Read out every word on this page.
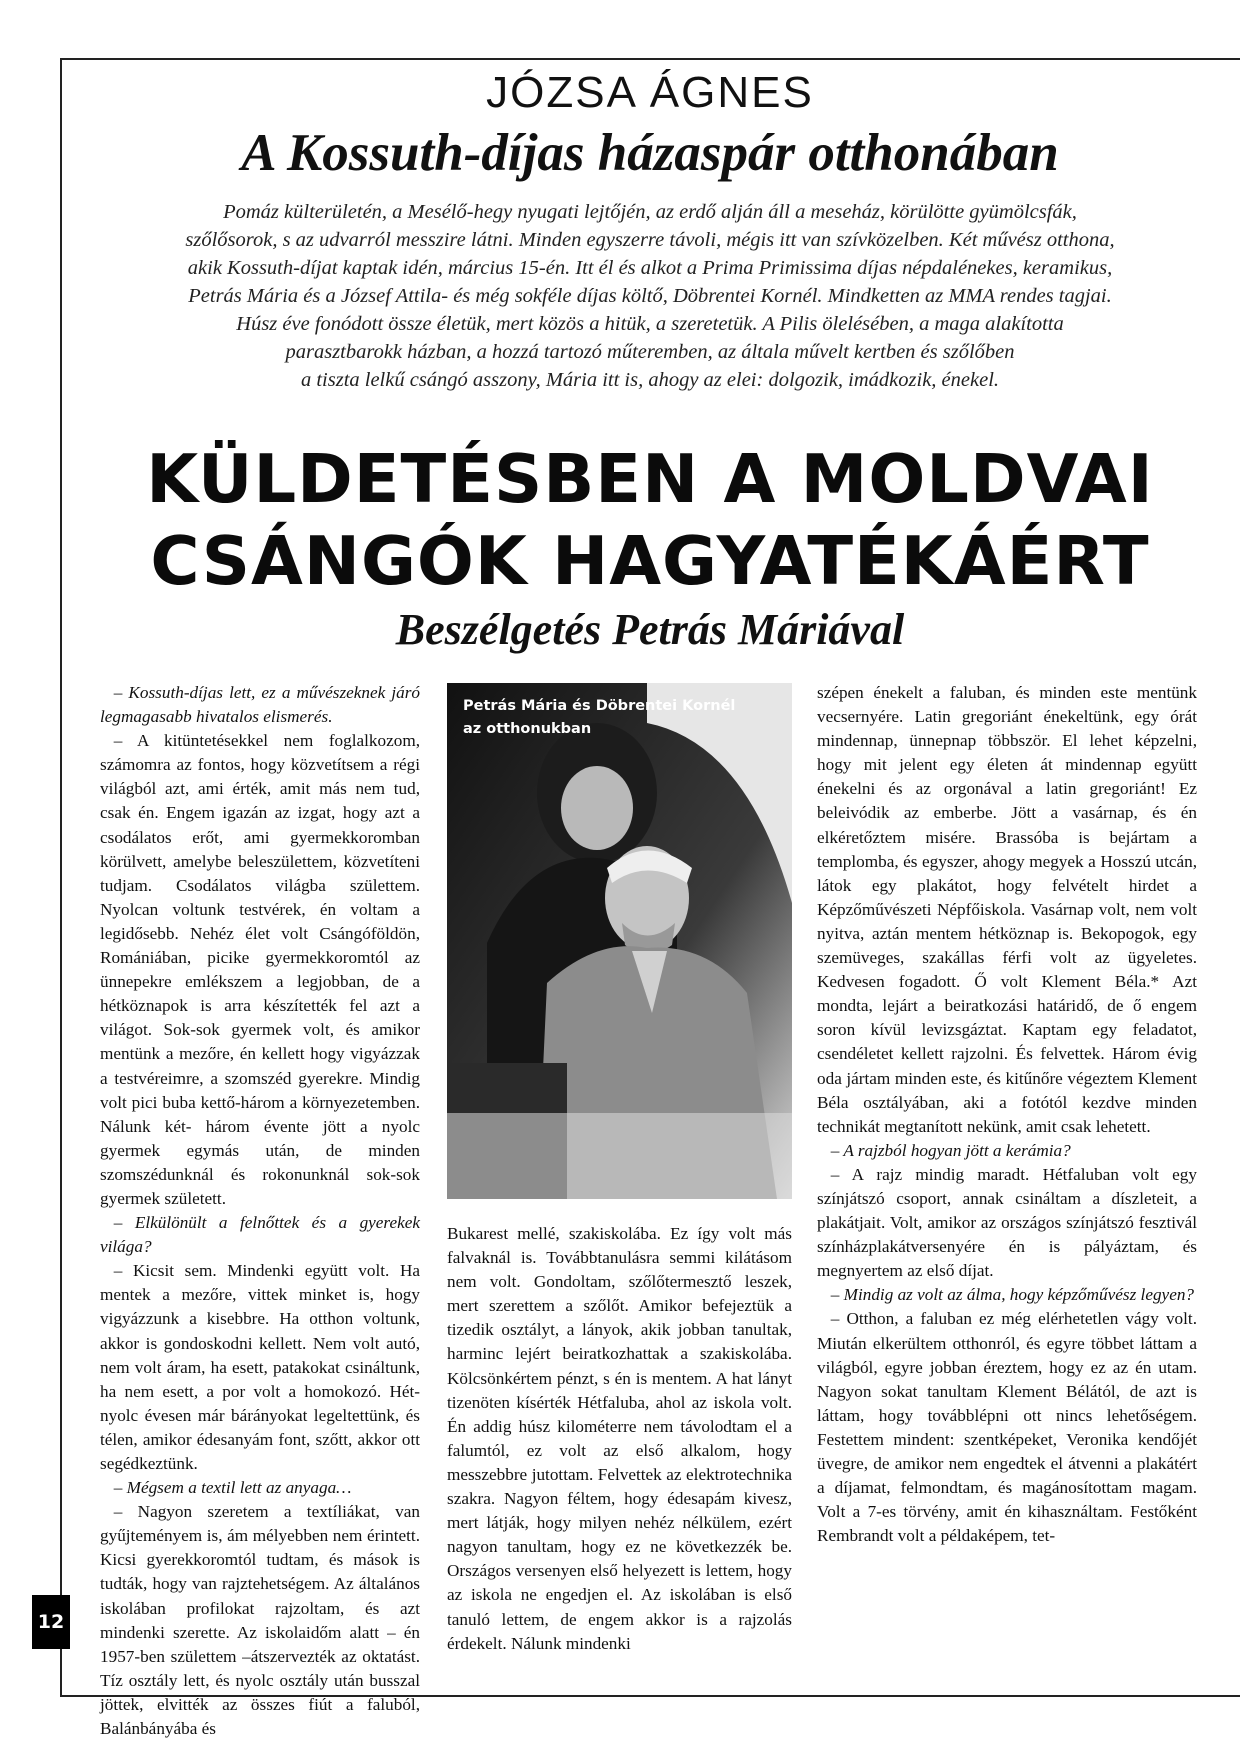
JÓZSA ÁGNES
A Kossuth-díjas házaspár otthonában

Pomáz külterületén, a Mesélő-hegy nyugati lejtőjén, az erdő alján áll a meseház, körülötte gyümölcsfák,

szőlősorok, s az udvarról messzire látni. Minden egyszerre távoli, mégis itt van szívközelben. Két művész otthona,

akik Kossuth-díjat kaptak idén, március 15-én. Itt él és alkot a Prima Primissima díjas népdalénekes, keramikus,

Petrás Mária és a József Attila- és még sokféle díjas költő, Döbrentei Kornél. Mindketten az MMA rendes tagjai.

Húsz éve fonódott össze életük, mert közös a hitük, a szeretetük. A Pilis ölelésében, a maga alakította

parasztbarokk házban, a hozzá tartozó műteremben, az általa művelt kertben és szőlőben

a tiszta lelkű csángó asszony, Mária itt is, ahogy az elei: dolgozik, imádkozik, énekel.

KÜLDETÉSBEN A MOLDVAI
CSÁNGÓK HAGYATÉKÁÉRT
Beszélgetés Petrás Máriával

– Kossuth-díjas lett, ez a művészeknek járó legmagasabb hivatalos elismerés.

– A kitüntetésekkel nem foglalkozom, számomra az fontos, hogy közvetítsem a régi világból azt, ami érték, amit más nem tud, csak én. Engem igazán az izgat, hogy azt a csodálatos erőt, ami gyermekkoromban körülvett, amelybe beleszülettem, közvetíteni tudjam. Csodálatos világba születtem. Nyolcan voltunk testvérek, én voltam a legidősebb. Nehéz élet volt Csángóföldön, Romániában, picike gyermekkoromtól az ünnepekre emlékszem a legjobban, de a hétköznapok is arra készítették fel azt a világot. Sok-sok gyermek volt, és amikor mentünk a mezőre, én kellett hogy vigyázzak a testvéreimre, a szomszéd gyerekre. Mindig volt pici buba kettő-három a környezetemben. Nálunk két- három évente jött a nyolc gyermek egymás után, de minden szomszédunknál és rokonunknál sok-sok gyermek született.

– Elkülönült a felnőttek és a gyerekek világa?

– Kicsit sem. Mindenki együtt volt. Ha mentek a mezőre, vittek minket is, hogy vigyázzunk a kisebbre. Ha otthon voltunk, akkor is gondoskodni kellett. Nem volt autó, nem volt áram, ha esett, patakokat csináltunk, ha nem esett, a por volt a homokozó. Hét-nyolc évesen már bárányokat legeltettünk, és télen, amikor édesanyám font, szőtt, akkor ott segédkeztünk.

– Mégsem a textil lett az anyaga…

– Nagyon szeretem a textíliákat, van gyűjteményem is, ám mélyebben nem érintett. Kicsi gyerekkoromtól tudtam, és mások is tudták, hogy van rajztehetségem. Az általános iskolában profilokat rajzoltam, és azt mindenki szerette. Az iskolaidőm alatt – én 1957-ben születtem –átszervezték az oktatást. Tíz osztály lett, és nyolc osztály után busszal jöttek, elvitték az összes fiút a faluból, Balánbányába és

Petrás Mária és Döbrentei Kornél
az otthonukban

Bukarest mellé, szakiskolába. Ez így volt más falvaknál is. Továbbtanulásra semmi kilátásom nem volt. Gondoltam, szőlőtermesztő leszek, mert szerettem a szőlőt. Amikor befejeztük a tizedik osztályt, a lányok, akik jobban tanultak, harminc lejért beiratkozhattak a szakiskolába. Kölcsönkértem pénzt, s én is mentem. A hat lányt tizenöten kísérték Hétfaluba, ahol az iskola volt. Én addig húsz kilométerre nem távolodtam el a falumtól, ez volt az első alkalom, hogy messzebbre jutottam. Felvettek az elektrotechnika szakra. Nagyon féltem, hogy édesapám kivesz, mert látják, hogy milyen nehéz nélkülem, ezért nagyon tanultam, hogy ez ne következzék be. Országos versenyen első helyezett is lettem, hogy az iskola ne engedjen el. Az iskolában is első tanuló lettem, de engem akkor is a rajzolás érdekelt. Nálunk mindenki

szépen énekelt a faluban, és minden este mentünk vecsernyére. Latin gregoriánt énekeltünk, egy órát mindennap, ünnepnap többször. El lehet képzelni, hogy mit jelent egy életen át mindennap együtt énekelni és az orgonával a latin gregoriánt! Ez beleivódik az emberbe. Jött a vasárnap, és én elkéretőztem misére. Brassóba is bejártam a templomba, és egyszer, ahogy megyek a Hosszú utcán, látok egy plakátot, hogy felvételt hirdet a Képzőművészeti Népfőiskola. Vasárnap volt, nem volt nyitva, aztán mentem hétköznap is. Bekopogok, egy szemüveges, szakállas férfi volt az ügyeletes. Kedvesen fogadott. Ő volt Klement Béla.* Azt mondta, lejárt a beiratkozási határidő, de ő engem soron kívül levizsgáztat. Kaptam egy feladatot, csendéletet kellett rajzolni. És felvettek. Három évig oda jártam minden este, és kitűnőre végeztem Klement Béla osztályában, aki a fotótól kezdve minden technikát megtanított nekünk, amit csak lehetett.

– A rajzból hogyan jött a kerámia?

– A rajz mindig maradt. Hétfaluban volt egy színjátszó csoport, annak csináltam a díszleteit, a plakátjait. Volt, amikor az országos színjátszó fesztivál színházplakátversenyére én is pályáztam, és megnyertem az első díjat.

– Mindig az volt az álma, hogy képzőművész legyen?

– Otthon, a faluban ez még elérhetetlen vágy volt. Miután elkerültem otthonról, és egyre többet láttam a világból, egyre jobban éreztem, hogy ez az én utam. Nagyon sokat tanultam Klement Bélától, de azt is láttam, hogy továbblépni ott nincs lehetőségem. Festettem mindent: szentképeket, Veronika kendőjét üvegre, de amikor nem engedtek el átvenni a plakátért a díjamat, felmondtam, és magánosítottam magam. Volt a 7-es törvény, amit én kihasználtam. Festőként Rembrandt volt a példaképem, tet-

12
